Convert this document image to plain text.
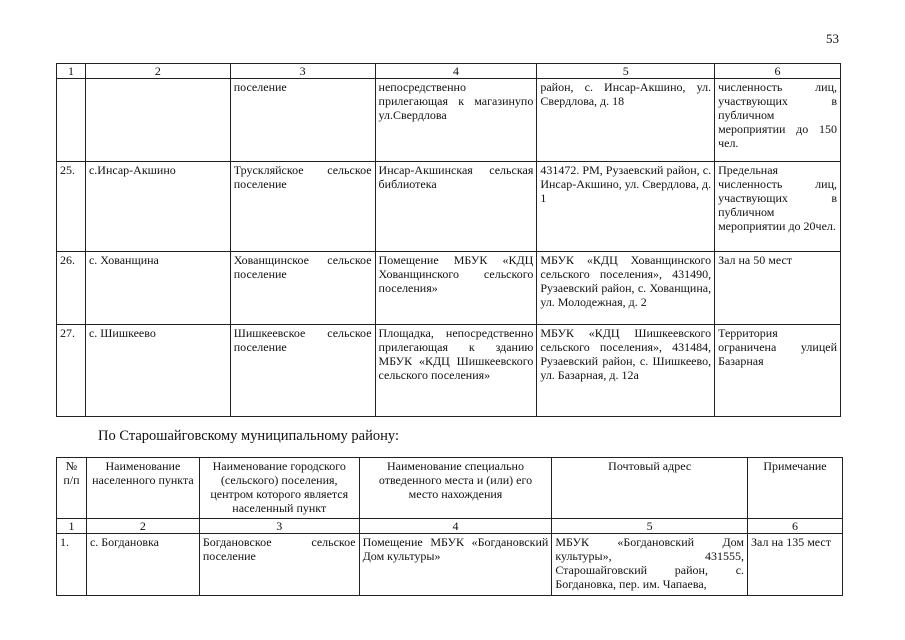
53
1	2	3	4	5	6
		поселение	непосредственно прилегающая к магазинупо ул.Свердлова	район, с. Инсар-Акшино, ул. Свердлова, д. 18	численность лиц, участвующих в публичном мероприятии до 150 чел.
25.	с.Инсар-Акшино	Трускляйское сельское поселение	Инсар-Акшинская сельская библиотека	431472. РМ, Рузаевский район, с. Инсар-Акшино, ул. Свердлова, д. 1	Предельная численность лиц, участвующих в публичном мероприятии до 20чел.
26.	с. Хованщина	Хованщинское сельское поселение	Помещение МБУК «КДЦ Хованщинского сельского поселения»	МБУК «КДЦ Хованщинского сельского поселения», 431490, Рузаевский район, с. Хованщина, ул. Молодежная, д. 2	Зал на 50 мест
27.	с. Шишкеево	Шишкеевское сельское поселение	Площадка, непосредственно прилегающая к зданию МБУК «КДЦ Шишкеевского сельского поселения»	МБУК «КДЦ Шишкеевского сельского поселения», 431484, Рузаевский район, с. Шишкеево, ул. Базарная, д. 12а	Территория ограничена улицей Базарная
По Старошайговскому муниципальному району:
№ п/п	Наименование населенного пункта	Наименование городского (сельского) поселения, центром которого является населенный пункт	Наименование специально отведенного места и (или) его место нахождения	Почтовый адрес	Примечание
1	2	3	4	5	6
1.	с. Богдановка	Богдановское сельское поселение	Помещение МБУК «Богдановский Дом культуры»	МБУК «Богдановский Дом культуры», 431555, Старошайговский район, с. Богдановка, пер. им. Чапаева,	Зал на 135 мест
